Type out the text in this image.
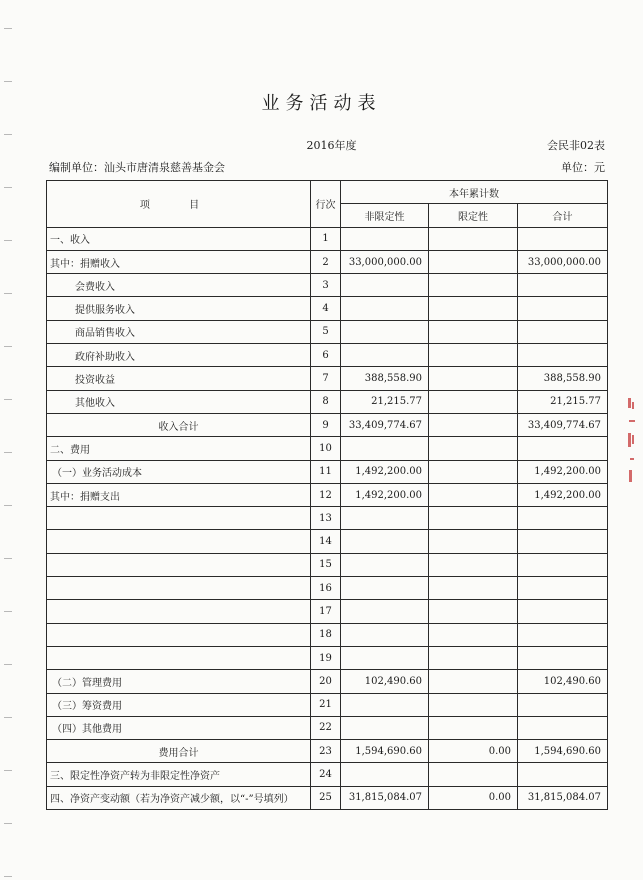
业务活动表
2016年度	会民非02表
编制单位：汕头市唐清泉慈善基金会	单位：元
项 目	行次	本年累计数		
		非限定性	限定性	合计
一、收入	1			
其中：捐赠收入	2	33,000,000.00		33,000,000.00
会费收入	3			
提供服务收入	4			
商品销售收入	5			
政府补助收入	6			
投资收益	7	388,558.90		388,558.90
其他收入	8	21,215.77		21,215.77
收入合计	9	33,409,774.67		33,409,774.67
二、费用	10			
（一）业务活动成本	11	1,492,200.00		1,492,200.00
其中：捐赠支出	12	1,492,200.00		1,492,200.00
	13			
	14			
	15			
	16			
	17			
	18			
	19			
（二）管理费用	20	102,490.60		102,490.60
（三）筹资费用	21			
（四）其他费用	22			
费用合计	23	1,594,690.60	0.00	1,594,690.60
三、限定性净资产转为非限定性净资产	24			
四、净资产变动额（若为净资产减少额，以“-”号填列）	25	31,815,084.07	0.00	31,815,084.07
